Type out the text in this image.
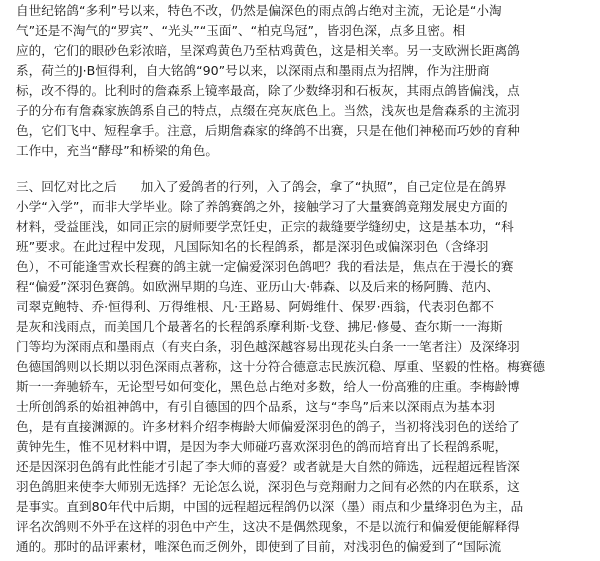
自世纪铭鸽“多利”号以来，特色不改，仍然是偏深色的雨点鸽占绝对主流，无论是“小淘
气”还是不淘气的“罗宾”、“光头”“玉面”、“柏克鸟冠”，皆羽色深，点多且密。相
应的，它们的眼砂色彩浓暗，呈深鸡黄色乃至枯鸡黄色，这是相关率。另一支欧洲长距离鸽
系，荷兰的J·B恒得利，自大铭鸽“90”号以来，以深雨点和墨雨点为招牌，作为注册商
标，改不得的。比利时的詹森系上镜率最高，除了少数绛羽和石板灰，其雨点鸽皆偏浅，点
子的分布有詹森家族鸽系自己的特点，点缀在亮灰底色上。当然，浅灰也是詹森系的主流羽
色，它们飞中、短程拿手。注意，后期詹森家的绛鸽不出赛，只是在他们神秘而巧妙的育种
工作中，充当“酵母”和桥梁的角色。
三、回忆对比之后      加入了爱鸽者的行列，入了鸽会，拿了“执照”，自己定位是在鸽界
小学“入学”，而非大学毕业。除了养鸽赛鸽之外，接触学习了大量赛鸽竟翔发展史方面的
材料，受益匪浅，如同正宗的厨师要学烹饪史，正宗的裁缝要学缝纫史，这是基本功，“科
班”要求。在此过程中发现，凡国际知名的长程鸽系，都是深羽色或偏深羽色（含绛羽
色），不可能逢雪欢长程赛的鸽主就一定偏爱深羽色鸽吧？我的看法是，焦点在于漫长的赛
程“偏爱”深羽色赛鸽。如欧洲早期的乌连、亚历山大·韩森、以及后来的杨阿腾、范内、
司翠克鲍特、乔·恒得利、万得维根、凡·王路易、阿姆维什、保罗·西翁，代表羽色都不
是灰和浅雨点，而美国几个最著名的长程鸽系摩利斯·戈登、拂尼·修曼、查尔斯一一海斯
门等均为深雨点和墨雨点（有夹白条，羽色越深越容易出现花头白条一一笔者注）及深绛羽
色德国鸽则以长期以羽色深雨点著称，这十分符合德意志民族沉稳、厚重、坚毅的性格。梅赛德
斯一一奔驰轿车，无论型号如何变化，黑色总占绝对多数，给人一份高雅的庄重。李梅龄博
士所创鸽系的始祖神鸽中，有引自德国的四个品系，这与“李鸟”后来以深雨点为基本羽
色，是有直接渊源的。许多材料介绍李梅龄大师偏爱深羽色的鸽子，当初将浅羽色的送给了
黄钟先生，惟不见材料中谓，是因为李大师碰巧喜欢深羽色的鸽而培育出了长程鸽系呢，
还是因深羽色鸽有此性能才引起了李大师的喜爱？或者就是大自然的筛选，远程超远程皆深
羽色鸽胆来使李大师别无选择？无论怎么说，深羽色与竞翔耐力之间有必然的内在联系，这
是事实。直到80年代中后期，中国的远程超远程鸽仍以深（墨）雨点和少量绛羽色为主，品
评名次鸽则不外乎在这样的羽色中产生，这决不是偶然现象，不是以流行和偏爱便能解释得
通的。那时的品评素材，唯深色而乏例外，即使到了目前，对浅羽色的偏爱到了“国际流
